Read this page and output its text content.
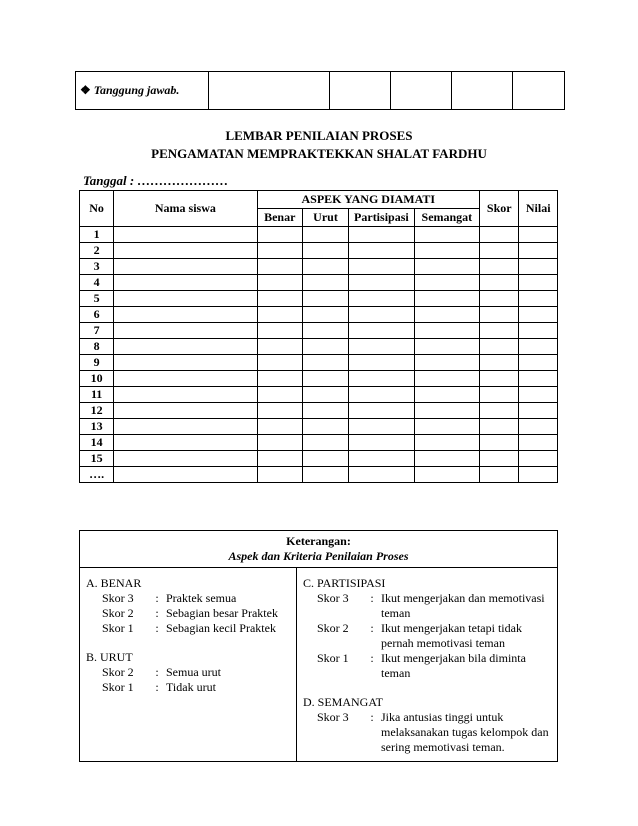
❖ Tanggung jawab.					
LEMBAR PENILAIAN PROSES
PENGAMATAN MEMPRAKTEKKAN SHALAT FARDHU
Tanggal : …………………
No	Nama siswa	ASPEK YANG DIAMATI				Skor	Nilai
		Benar	Urut	Partisipasi	Semangat		
1							
2							
3							
4							
5							
6							
7							
8							
9							
10							
11							
12							
13							
14							
15							
….							
Keterangan:
Aspek dan Kriteria Penilaian Proses

A. BENAR
Skor 3	: Praktek semua
Skor 2	: Sebagian besar Praktek
Skor 1	: Sebagian kecil Praktek
B. URUT
Skor 2	: Semua urut
Skor 1	: Tidak urut

C. PARTISIPASI
Skor 3	: Ikut mengerjakan dan memotivasi teman
Skor 2	: Ikut mengerjakan tetapi tidak pernah memotivasi teman
Skor 1	: Ikut mengerjakan bila diminta teman
D. SEMANGAT
Skor 3	: Jika antusias tinggi untuk melaksanakan tugas kelompok dan sering memotivasi teman.
